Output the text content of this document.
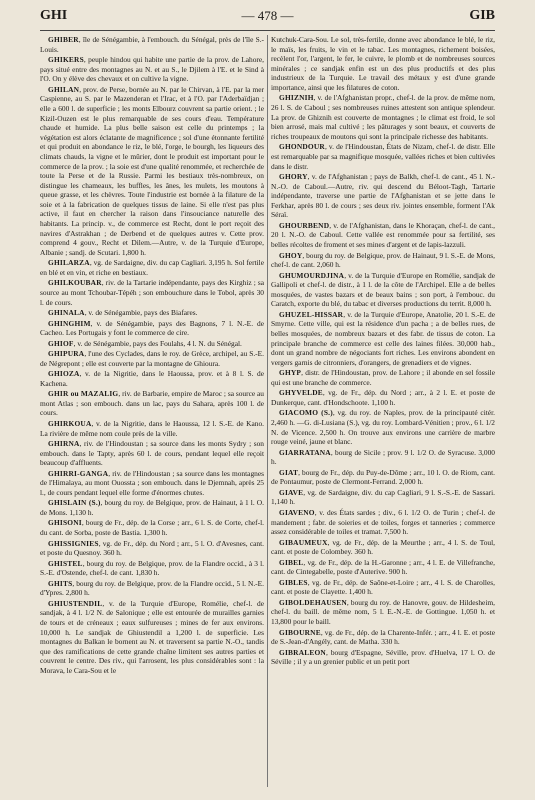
GHI	— 478 —	GIB

GHIBER, île de Sénégambie, à l'embouch. du Sénégal, près de l'île S.-Louis.

GHIKERS, peuple hindou qui habite une partie de la prov. de Lahore, pays situé entre des montagnes au N. et au S., le Djilem à l'E. et le Sind à l'O. On y élève des chevaux et on cultive la vigne.

GHILAN, prov. de Perse, bornée au N. par le Chirvan, à l'E. par la mer Caspienne, au S. par le Mazenderan et l'Irac, et à l'O. par l'Aderbaïdjan ; elle a 600 l. de superficie ; les monts Elbourz couvrent sa partie orient. ; le Kizil-Ouzen est le plus remarquable de ses cours d'eau. Température chaude et humide. La plus belle saison est celle du printemps ; la végétation est alors éclatante de magnificence ; sol d'une étonnante fertilité et qui produit en abondance le riz, le blé, l'orge, le bourgh, les liqueurs des climats chauds, la vigne et le mûrier, dont le produit est important pour le commerce de la prov. ; la soie est d'une qualité renommée, et recherchée de toute la Perse et de la Russie. Parmi les bestiaux très-nombreux, on distingue les chameaux, les buffles, les ânes, les mulets, les moutons à queue grasse, et les chèvres. Toute l'industrie est bornée à la filature de la soie et à la fabrication de quelques tissus de laine. Si elle n'est pas plus active, il faut en chercher la raison dans l'insouciance naturelle des habitants. La princip. v., de commerce est Recht, dont le port reçoit des navires d'Astrakhan ; de Derbend et de quelques autres v. Cette prov. comprend 4 gouv., Recht et Dilem.—Autre, v. de la Turquie d'Europe, Albanie ; sandj. de Scutari. 1,800 h.

GHILARZA, vg. de Sardaigne, div. du cap Cagliari. 3,195 h. Sol fertile en blé et en vin, et riche en bestiaux.

GHILKOUBAR, riv. de la Tartarie indépendante, pays des Kirghiz ; sa source au mont Tchoubar-Tépéh ; son embouchure dans le Tobol, après 30 l. de cours.

GHINALA, v. de Sénégambie, pays des Biafares.

GHINGHIM, v. de Sénégambie, pays des Bagnons, 7 l. N.-E. de Cacheo. Les Portugais y font le commerce de cire.

GHIOF, v. de Sénégambie, pays des Foulahs, 4 l. N. du Sénégal.

GHIPURA, l'une des Cyclades, dans le roy. de Grèce, archipel, au S.-E. de Négrepont ; elle est couverte par la montagne de Ghioura.

GHIOZA, v. de la Nigritie, dans le Haoussa, prov. et à 8 l. S. de Kachena.

GHIR ou MAZALIG, riv. de Barbarie, empire de Maroc ; sa source au mont Atlas ; son embouch. dans un lac, pays du Sahara, après 100 l. de cours.

GHIRKOUA, v. de la Nigritie, dans le Haoussa, 12 l. S.-E. de Kano. La rivière de même nom coule près de la ville.

GHIRNA, riv. de l'Hindoustan ; sa source dans les monts Sydry ; son embouch. dans le Tapty, après 60 l. de cours, pendant lequel elle reçoit beaucoup d'affluents.

GHIRRI-GANGA, riv. de l'Hindoustan ; sa source dans les montagnes de l'Himalaya, au mont Ouossta ; son embouch. dans le Djemnah, après 25 l., de cours pendant lequel elle forme d'énormes chutes.

GHISLAIN (S.), bourg du roy. de Belgique, prov. de Hainaut, à 1 l. O. de Mons. 1,130 h.

GHISONI, bourg de Fr., dép. de la Corse ; arr., 6 l. S. de Corte, chef-l. du cant. de Sorba, poste de Bastia. 1,300 h.

GHISSIGNIES, vg. de Fr., dép. du Nord ; arr., 5 l. O. d'Avesnes, cant. et poste du Quesnoy. 360 h.

GHISTEL, bourg du roy. de Belgique, prov. de la Flandre occid., à 3 l. S.-E. d'Ostende, chef-l. de cant. 1,830 h.

GHITS, bourg du roy. de Belgique, prov. de la Flandre occid., 5 l. N.-E. d'Ypres. 2,800 h.

GHIUSTENDIL, v. de la Turquie d'Europe, Romélie, chef-l. de sandjak, à 4 l. 1/2 N. de Salonique ; elle est entourée de murailles garnies de tours et de créneaux ; eaux sulfureuses ; mines de fer aux environs. 10,000 h. Le sandjak de Ghiustendil a 1,200 l. de superficie. Les montagnes du Balkan le bornent au N. et traversent sa partie N.-O., tandis que des ramifications de cette grande chaîne limitent ses autres parties et couvrent le centre. Des riv., qui l'arrosent, les plus considérables sont : la Morava, le Cara-Sou et le

Kutchuk-Cara-Sou. Le sol, très-fertile, donne avec abondance le blé, le riz, le maïs, les fruits, le vin et le tabac. Les montagnes, richement boisées, recèlent l'or, l'argent, le fer, le cuivre, le plomb et de nombreuses sources minérales ; ce sandjak enfin est un des plus productifs et des plus industrieux de la Turquie. Le travail des métaux y est d'une grande importance, ainsi que les filatures de coton.

GHIZNIH, v. de l'Afghanistan propr., chef-l. de la prov. de même nom, 26 l. S. de Caboul ; ses nombreuses ruines attestent son antique splendeur. La prov. de Ghiznih est couverte de montagnes ; le climat est froid, le sol bien arrosé, mais mal cultivé ; les pâturages y sont beaux, et couverts de riches troupeaux de moutons qui sont la principale richesse des habitants.

GHONDOUR, v. de l'Hindoustan, États de Nizam, chef-l. de distr. Elle est remarquable par sa magnifique mosquée, vallées riches et bien cultivées dans le distr.

GHORY, v. de l'Afghanistan ; pays de Balkh, chef-l. de cant., 45 l. N.-N.-O. de Caboul.—Autre, riv. qui descend du Béloot-Tagh, Tartarie indépendante, traverse une partie de l'Afghanistan et se jette dans le Ferkhar, après 80 l. de cours ; ses deux riv. jointes ensemble, forment l'Ak Séraï.

GHOURBEND, v. de l'Afghanistan, dans le Khoraçan, chef-l. de cant., 20 l. N.-O. de Caboul. Cette vallée est renommée pour sa fertilité, ses belles récoltes de froment et ses mines d'argent et de lapis-lazzuli.

GHOY, bourg du roy. de Belgique, prov. de Hainaut, 9 l. S.-E. de Mons, chef-l. de cant. 2,060 h.

GHUMOURDJINA, v. de la Turquie d'Europe en Romélie, sandjak de Gallipoli et chef-l. de distr., à 1 l. de la côte de l'Archipel. Elle a de belles mosquées, de vastes bazars et de beaux bains ; son port, à l'embouc. du Caratch, exporte du blé, du tabac et diverses productions du territ. 8,000 h.

GHUZEL-HISSAR, v. de la Turquie d'Europe, Anatolie, 20 l. S.-E. de Smyrne. Cette ville, qui est la résidence d'un pacha ; a de belles rues, de belles mosquées, de nombreux bazars et des fabr. de tissus de coton. La principale branche de commerce est celle des laines filées. 30,000 hab., dont un grand nombre de négociants fort riches. Les environs abondent en vergers garnis de citronniers, d'orangers, de grenadiers et de vignes.

GHYP, distr. de l'Hindoustan, prov. de Lahore ; il abonde en sel fossile qui est une branche de commerce.

GHYVELDE, vg. de Fr., dép. du Nord ; arr., à 2 l. E. et poste de Dunkerque, cant. d'Hondschoote. 1,100 h.

GIACOMO (S.), vg. du roy. de Naples, prov. de la principauté citér. 2,460 h. —G. di-Lusiana (S.), vg. du roy. Lombard-Vénitien ; prov., 6 l. 1/2 N. de Vicence. 2,500 h. On trouve aux environs une carrière de marbre rouge veiné, jaune et blanc.

GIARRATANA, bourg de Sicile ; prov. 9 l. 1/2 O. de Syracuse. 3,000 h.

GIAT, bourg de Fr., dép. du Puy-de-Dôme ; arr., 10 l. O. de Riom, cant. de Pontaumur, poste de Clermont-Ferrand. 2,000 h.

GIAVE, vg. de Sardaigne, div. du cap Cagliari, 9 l. S.-S.-E. de Sassari. 1,140 h.

GIAVENO, v. des États sardes ; div., 6 l. 1/2 O. de Turin ; chef-l. de mandement ; fabr. de soieries et de toiles, forges et tanneries ; commerce assez considérable de toiles et tramat. 7,500 h.

GIBAUMEUX, vg. de Fr., dép. de la Meurthe ; arr., 4 l. S. de Toul, cant. et poste de Colombey. 360 h.

GIBEL, vg. de Fr., dép. de la H.-Garonne ; arr., 4 l. E. de Villefranche, cant. de Cintegabelle, poste d'Auterive. 900 h.

GIBLES, vg. de Fr., dép. de Saône-et-Loire ; arr., 4 l. S. de Charolles, cant. et poste de Clayette. 1,400 h.

GIBOLDEHAUSEN, bourg du roy. de Hanovre, gouv. de Hildesheim, chef-l. du baill. de même nom, 5 l. E.-N.-E. de Gottingue. 1,050 h. et 13,800 pour le baill.

GIBOURNE, vg. de Fr., dép. de la Charente-Infér. ; arr., 4 l. E. et poste de S.-Jean-d'Angély, cant. de Matha. 330 h.

GIBRALEON, bourg d'Espagne, Séville, prov. d'Huelva, 17 l. O. de Séville ; il y a un grenier public et un petit port
